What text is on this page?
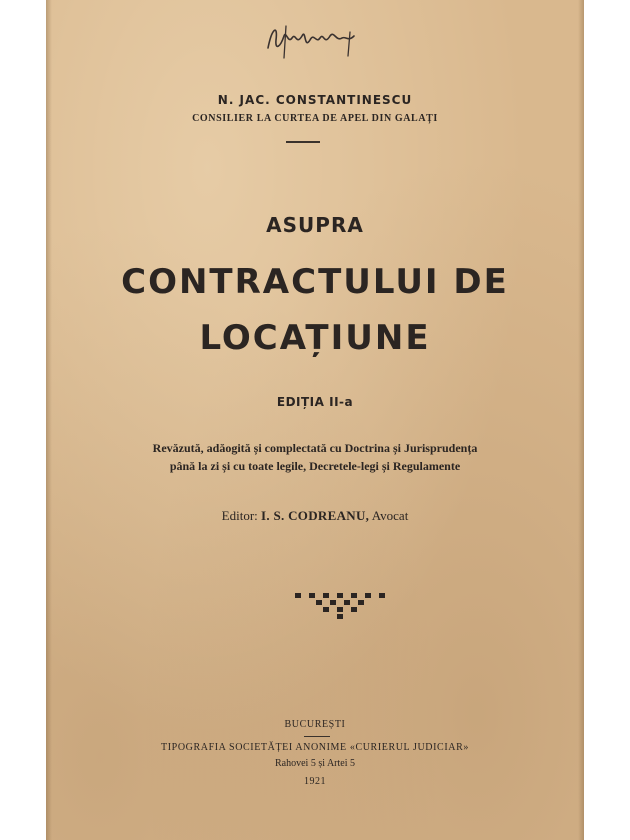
N. JAC. CONSTANTINESCU
CONSILIER LA CURTEA DE APEL DIN GALAȚI
ASUPRA
CONTRACTULUI DE
LOCAȚIUNE
EDIȚIA II-a
Revăzută, adăogită și complectată cu Doctrina și Jurisprudența
până la zi și cu toate legile, Decretele-legi și Regulamente
Editor: I. S. CODREANU, Avocat
BUCUREȘTI
TIPOGRAFIA SOCIETĂȚEI ANONIME «CURIERUL JUDICIAR»
Rahovei 5 și Artei 5
1921
